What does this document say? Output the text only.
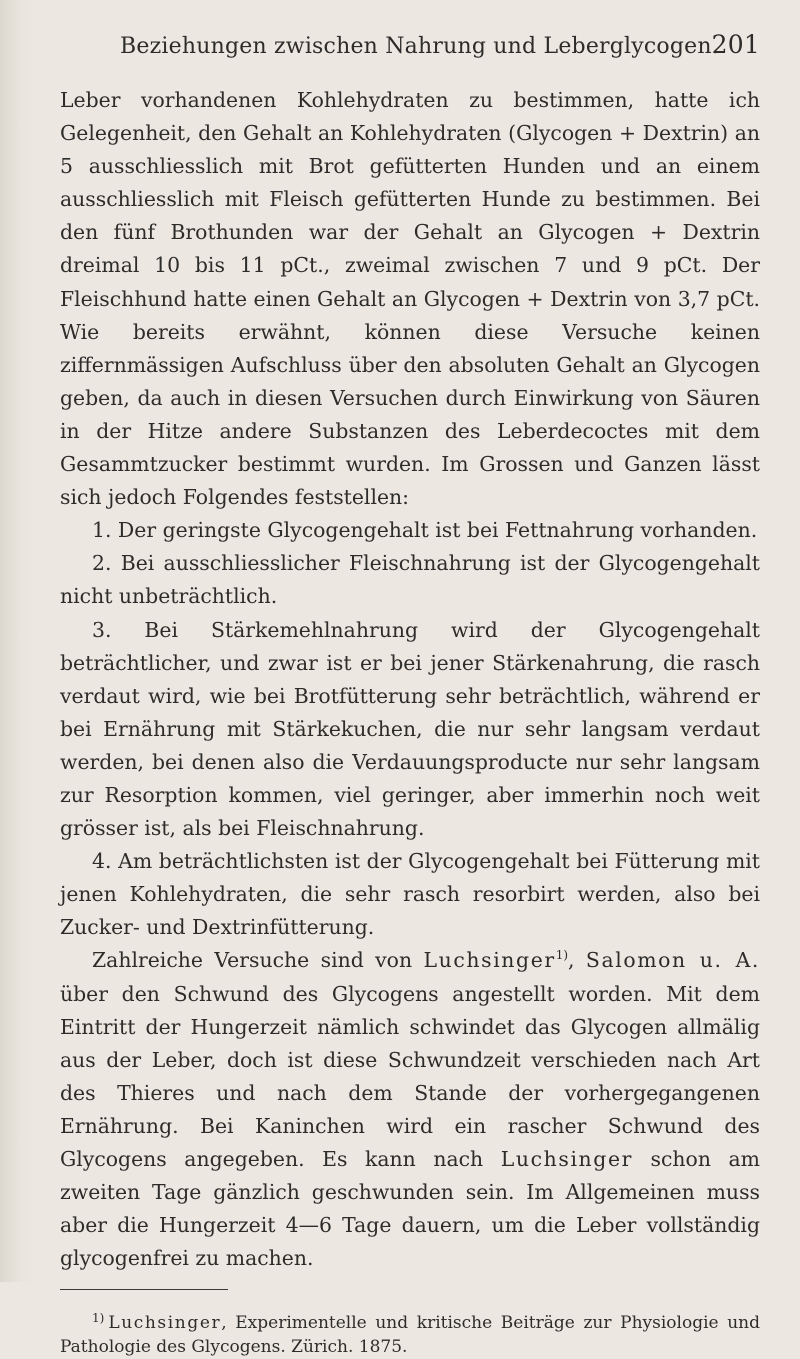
Beziehungen zwischen Nahrung und Leberglycogen.
201

Leber vorhandenen Kohlehydraten zu bestimmen, hatte ich Gelegenheit, den Gehalt an Kohlehydraten (Glycogen + Dextrin) an 5 ausschliesslich mit Brot gefütterten Hunden und an einem ausschliesslich mit Fleisch gefütterten Hunde zu bestimmen. Bei den fünf Brothunden war der Gehalt an Glycogen + Dextrin dreimal 10 bis 11 pCt., zweimal zwischen 7 und 9 pCt. Der Fleischhund hatte einen Gehalt an Glycogen + Dextrin von 3,7 pCt. Wie bereits erwähnt, können diese Versuche keinen ziffernmässigen Aufschluss über den absoluten Gehalt an Glycogen geben, da auch in diesen Versuchen durch Einwirkung von Säuren in der Hitze andere Substanzen des Leberdecoctes mit dem Gesammtzucker bestimmt wurden. Im Grossen und Ganzen lässt sich jedoch Folgendes feststellen:

1. Der geringste Glycogengehalt ist bei Fettnahrung vorhanden.

2. Bei ausschliesslicher Fleischnahrung ist der Glycogengehalt nicht unbeträchtlich.

3. Bei Stärkemehlnahrung wird der Glycogengehalt beträchtlicher, und zwar ist er bei jener Stärkenahrung, die rasch verdaut wird, wie bei Brotfütterung sehr beträchtlich, während er bei Ernährung mit Stärkekuchen, die nur sehr langsam verdaut werden, bei denen also die Verdauungsproducte nur sehr langsam zur Resorption kommen, viel geringer, aber immerhin noch weit grösser ist, als bei Fleischnahrung.

4. Am beträchtlichsten ist der Glycogengehalt bei Fütterung mit jenen Kohlehydraten, die sehr rasch resorbirt werden, also bei Zucker- und Dextrinfütterung.

Zahlreiche Versuche sind von Luchsinger$^{1)}$, Salomon u. A. über den Schwund des Glycogens angestellt worden. Mit dem Eintritt der Hungerzeit nämlich schwindet das Glycogen allmälig aus der Leber, doch ist diese Schwundzeit verschieden nach Art des Thieres und nach dem Stande der vorhergegangenen Ernährung. Bei Kaninchen wird ein rascher Schwund des Glycogens angegeben. Es kann nach Luchsinger schon am zweiten Tage gänzlich geschwunden sein. Im Allgemeinen muss aber die Hungerzeit 4—6 Tage dauern, um die Leber vollständig glycogenfrei zu machen.

1) Luchsinger, Experimentelle und kritische Beiträge zur Physiologie und Pathologie des Glycogens. Zürich. 1875.
